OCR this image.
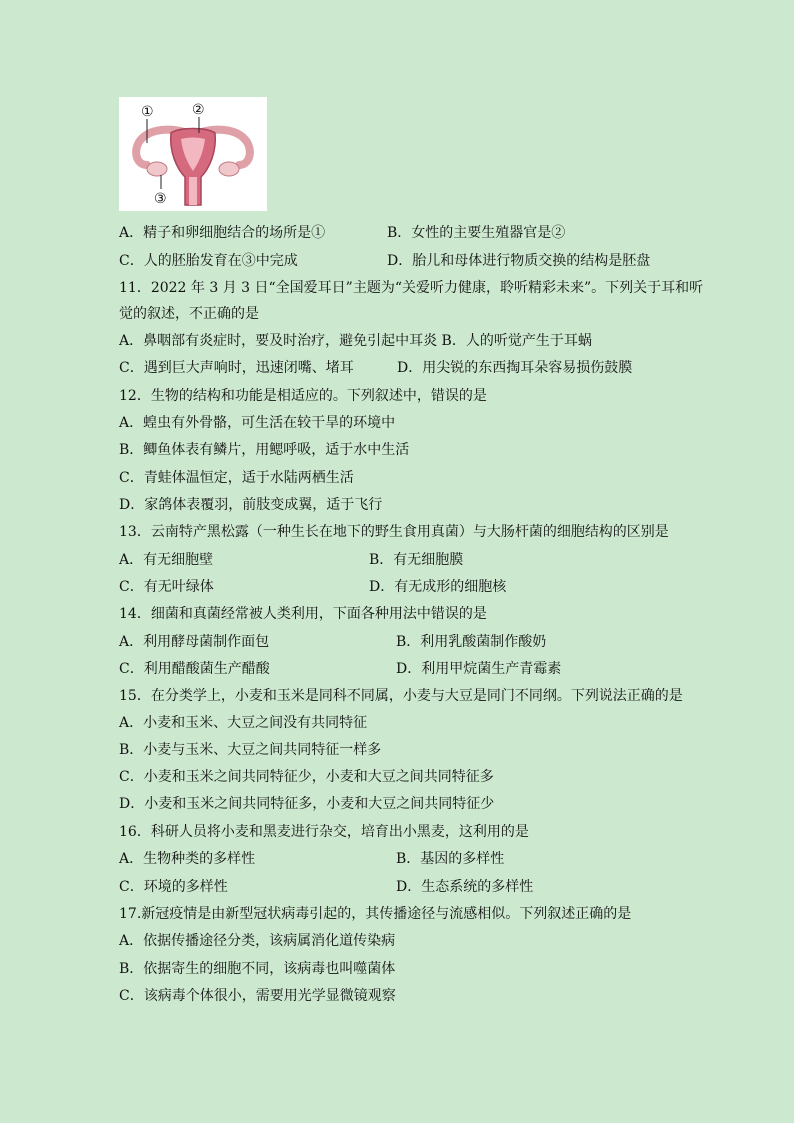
①	②
③
A．精子和卵细胞结合的场所是①	B．女性的主要生殖器官是②
C．人的胚胎发育在③中完成	D．胎儿和母体进行物质交换的结构是胚盘
11．2022 年 3 月 3 日“全国爱耳日”主题为“关爱听力健康，聆听精彩未来”。下列关于耳和听
觉的叙述，不正确的是
A．鼻咽部有炎症时，要及时治疗，避免引起中耳炎 B．人的听觉产生于耳蜗
C．遇到巨大声响时，迅速闭嘴、堵耳	D．用尖锐的东西掏耳朵容易损伤鼓膜
12．生物的结构和功能是相适应的。下列叙述中，错误的是
A．蝗虫有外骨骼，可生活在较干旱的环境中
B．鲫鱼体表有鳞片，用鳃呼吸，适于水中生活
C．青蛙体温恒定，适于水陆两栖生活
D．家鸽体表覆羽，前肢变成翼，适于飞行
13．云南特产黑松露（一种生长在地下的野生食用真菌）与大肠杆菌的细胞结构的区别是
A．有无细胞壁	B．有无细胞膜
C．有无叶绿体	D．有无成形的细胞核
14．细菌和真菌经常被人类利用，下面各种用法中错误的是
A．利用酵母菌制作面包	B．利用乳酸菌制作酸奶
C．利用醋酸菌生产醋酸	D．利用甲烷菌生产青霉素
15．在分类学上，小麦和玉米是同科不同属，小麦与大豆是同门不同纲。下列说法正确的是
A．小麦和玉米、大豆之间没有共同特征
B．小麦与玉米、大豆之间共同特征一样多
C．小麦和玉米之间共同特征少，小麦和大豆之间共同特征多
D．小麦和玉米之间共同特征多，小麦和大豆之间共同特征少
16．科研人员将小麦和黑麦进行杂交，培育出小黑麦，这利用的是
A．生物种类的多样性	B．基因的多样性
C．环境的多样性	D．生态系统的多样性
17.新冠疫情是由新型冠状病毒引起的，其传播途径与流感相似。下列叙述正确的是
A．依据传播途径分类，该病属消化道传染病
B．依据寄生的细胞不同，该病毒也叫噬菌体
C．该病毒个体很小，需要用光学显微镜观察
